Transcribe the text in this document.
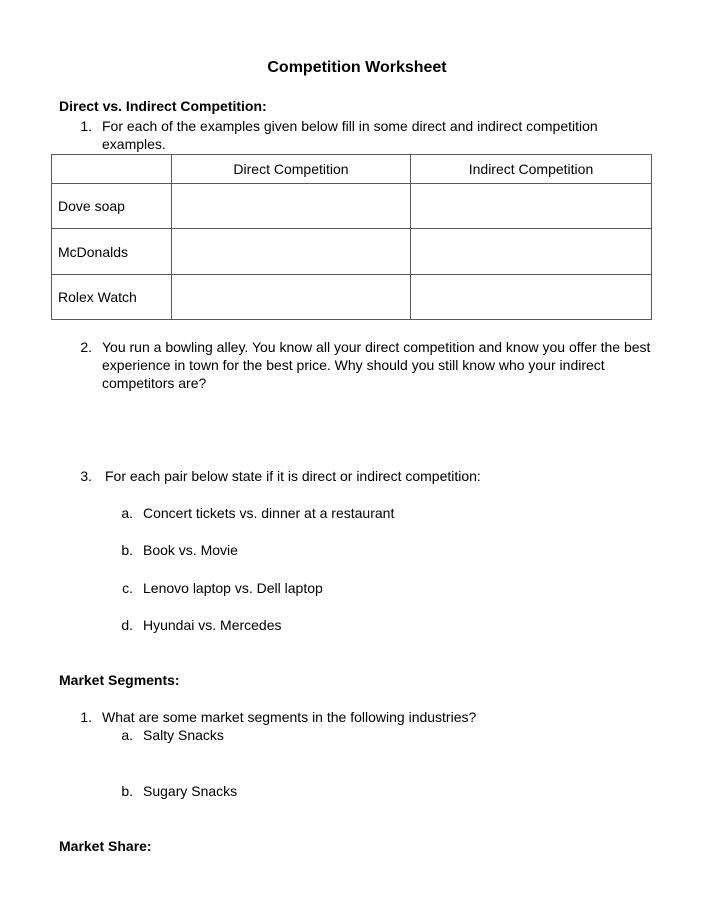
Competition Worksheet
Direct vs. Indirect Competition:
1. For each of the examples given below fill in some direct and indirect competition
examples.
	Direct Competition	Indirect Competition
Dove soap		
McDonalds		
Rolex Watch		
2. You run a bowling alley. You know all your direct competition and know you offer the best
experience in town for the best price. Why should you still know who your indirect
competitors are?
3. For each pair below state if it is direct or indirect competition:
a. Concert tickets vs. dinner at a restaurant
b. Book vs. Movie
c. Lenovo laptop vs. Dell laptop
d. Hyundai vs. Mercedes
Market Segments:
1. What are some market segments in the following industries?
a. Salty Snacks
b. Sugary Snacks
Market Share:
